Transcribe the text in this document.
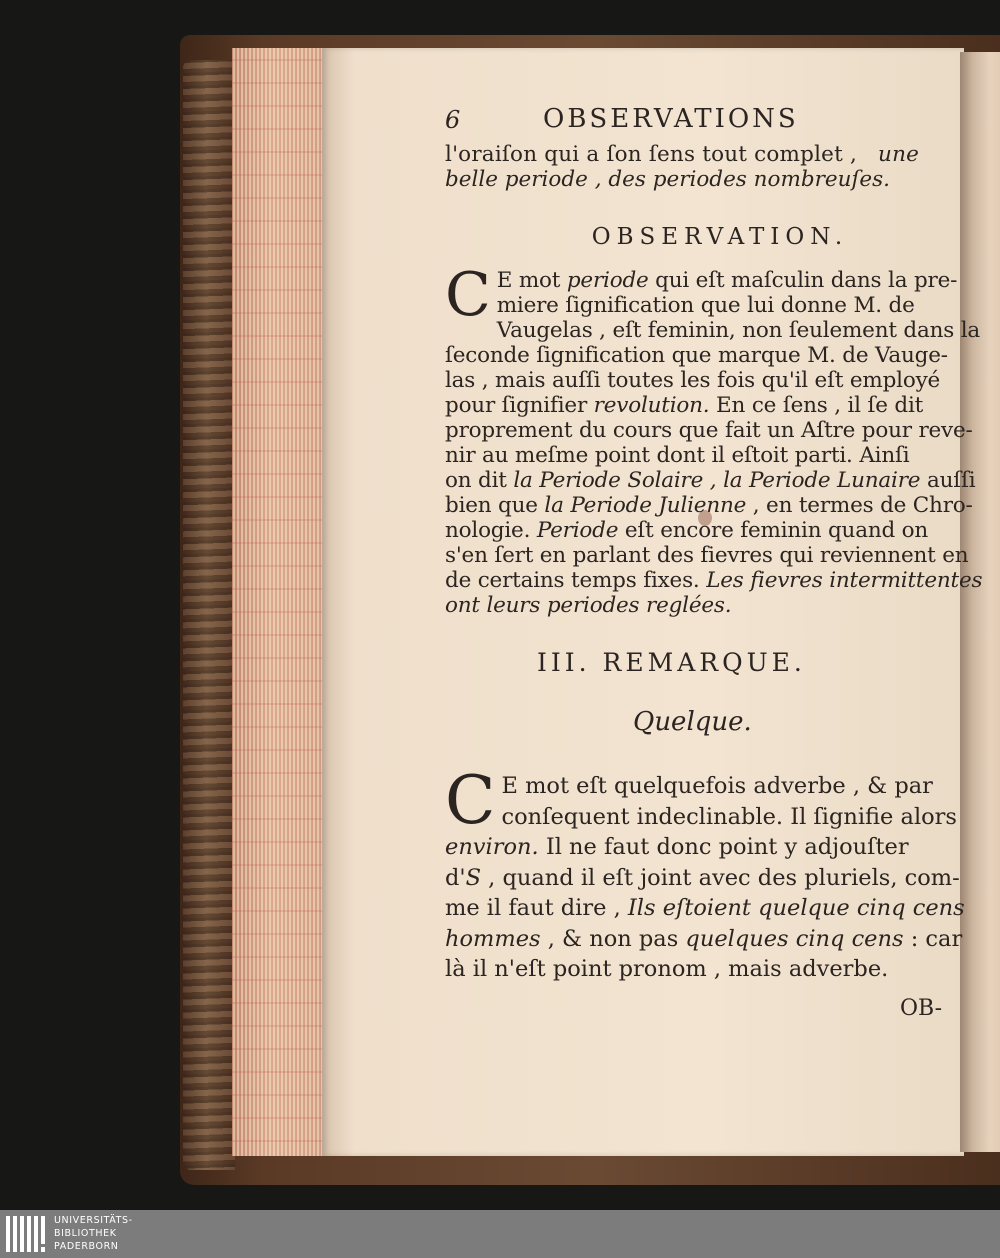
6	OBSERVATIONS
l'oraiſon qui a ſon ſens tout complet , une
belle periode , des periodes nombreuſes.
OBSERVATION.
C E mot periode qui eſt maſculin dans la pre-
miere ſignification que lui donne M. de
Vaugelas , eſt feminin, non ſeulement dans la
ſeconde ſignification que marque M. de Vauge-
las , mais auſſi toutes les fois qu'il eſt employé
pour ſignifier revolution. En ce ſens , il ſe dit
proprement du cours que fait un Aſtre pour reve-
nir au meſme point dont il eſtoit parti. Ainſi
on dit la Periode Solaire , la Periode Lunaire auſſi
bien que la Periode Julienne , en termes de Chro-
nologie. Periode eſt encore feminin quand on
s'en ſert en parlant des fievres qui reviennent en
de certains temps fixes. Les fievres intermittentes
ont leurs periodes reglées.
III. REMARQUE.
Quelque.
C E mot eſt quelquefois adverbe , & par
conſequent indeclinable. Il ſignifie alors
environ. Il ne faut donc point y adjouſter
d'S , quand il eſt joint avec des pluriels, com-
me il faut dire , Ils eſtoient quelque cinq cens
hommes , & non pas quelques cinq cens : car
là il n'eſt point pronom , mais adverbe.
OB-
UNIVERSITÄTS-
BIBLIOTHEK
PADERBORN
